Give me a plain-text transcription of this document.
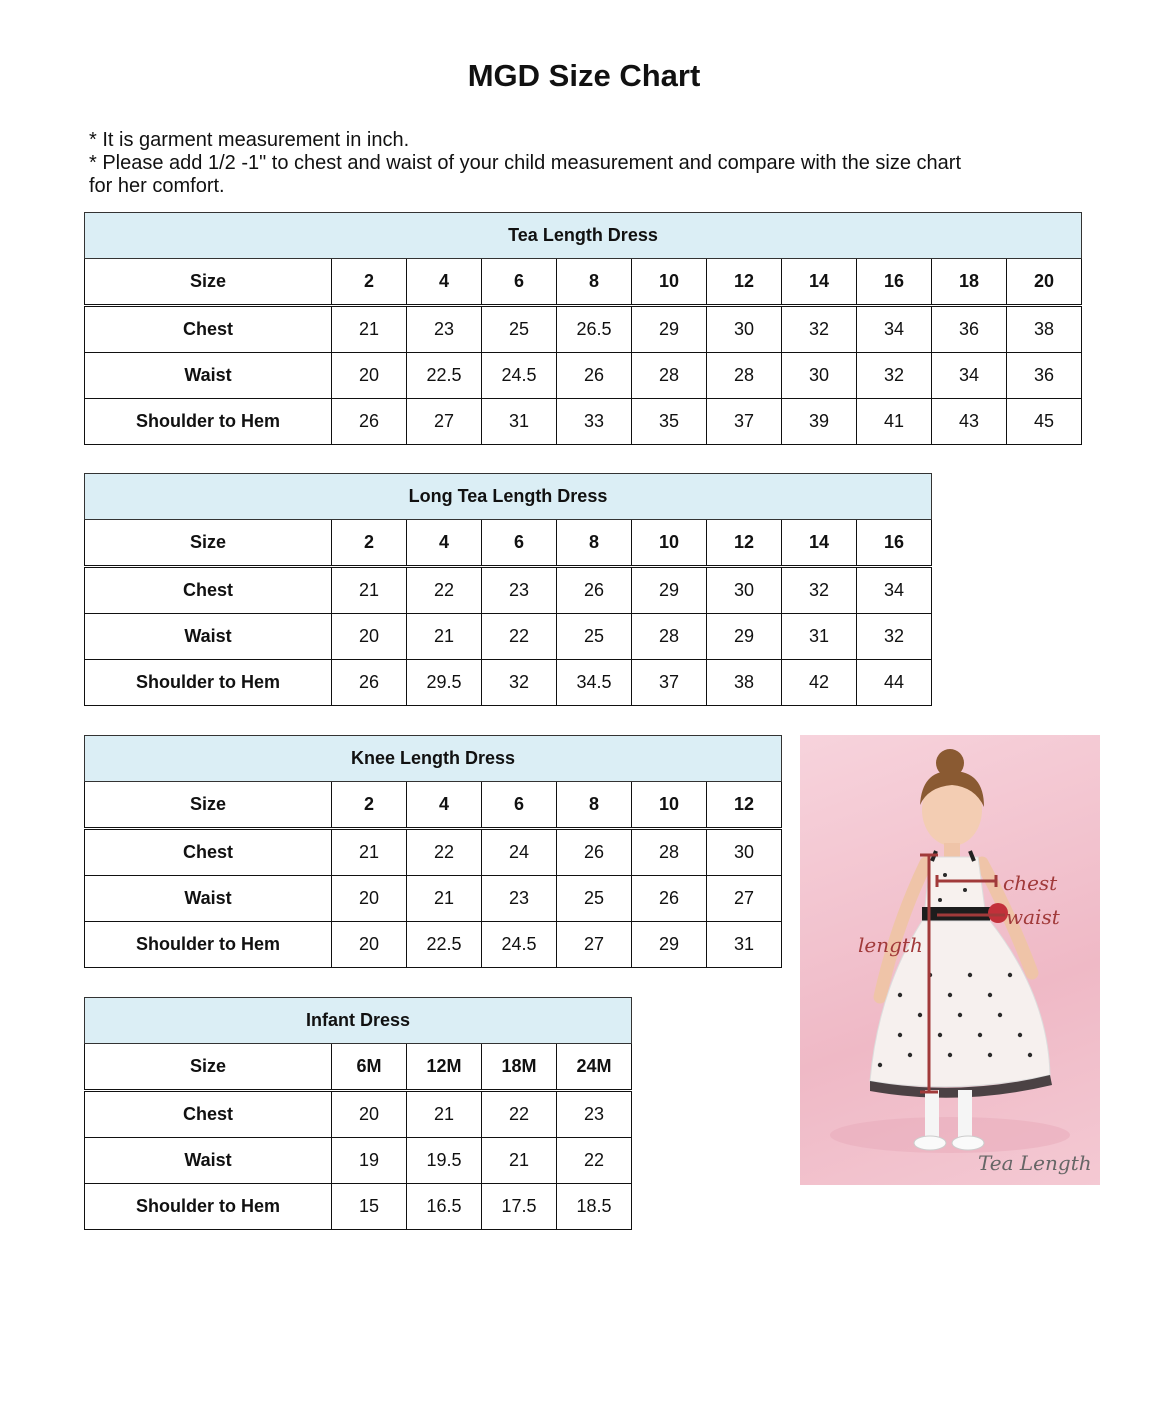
MGD Size Chart
* It is garment measurement in inch.
* Please add 1/2 -1" to chest and waist of your child measurement and compare with the size chart
for her comfort.
Tea Length Dress										
Size	2	4	6	8	10	12	14	16	18	20
Chest	21	23	25	26.5	29	30	32	34	36	38
Waist	20	22.5	24.5	26	28	28	30	32	34	36
Shoulder to Hem	26	27	31	33	35	37	39	41	43	45
Long Tea Length Dress								
Size	2	4	6	8	10	12	14	16
Chest	21	22	23	26	29	30	32	34
Waist	20	21	22	25	28	29	31	32
Shoulder to Hem	26	29.5	32	34.5	37	38	42	44
Knee Length Dress						
Size	2	4	6	8	10	12
Chest	21	22	24	26	28	30
Waist	20	21	23	25	26	27
Shoulder to Hem	20	22.5	24.5	27	29	31
Infant Dress				
Size	6M	12M	18M	24M
Chest	20	21	22	23
Waist	19	19.5	21	22
Shoulder to Hem	15	16.5	17.5	18.5
chest
waist
length
Tea Length
